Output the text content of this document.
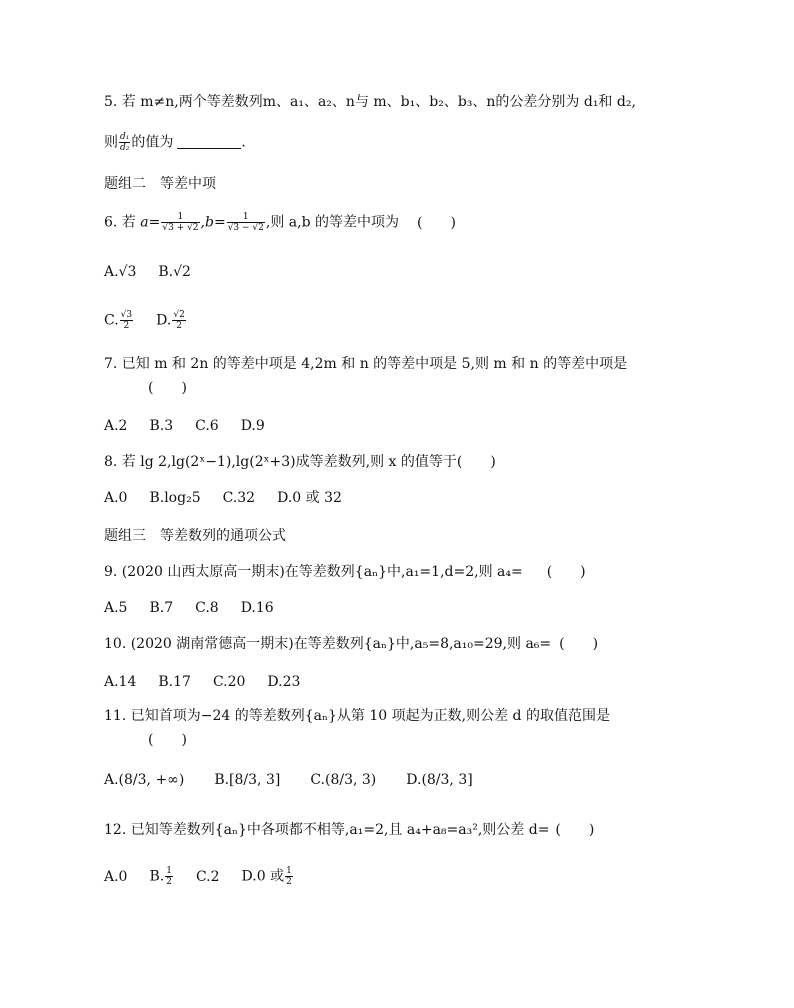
5. 若 m≠n,两个等差数列m、a₁、a₂、n与 m、b₁、b₂、b₃、n的公差分别为 d₁和 d₂,
则 $\frac{\text{d₁}}{\text{d₂}}$ 的值为	.
题组二　等差中项
6. 若 $a= \frac{1}{√3 + √2} ,b= \frac{1}{√3 - √2}$ ,则 a,b 的等差中项为 (　　)
A.√3 B.√2
C. $\frac{√3}{2} D$. $\frac{√2}{2}$
7. 已知 m 和 2n 的等差中项是 4,2m 和 n 的等差中项是 5,则 m 和 n 的等差中项是
(　　)
A.2 B.3 C.6 D.9
8. 若 lg 2,lg(2ˣ−1),lg(2ˣ+3)成等差数列,则 x 的值等于(　　)
A.0 B.log₂5 C.32 D.0 或 32
题组三　等差数列的通项公式
9. (2020 山西太原高一期末)在等差数列{aₙ}中,a₁=1,d=2,则 a₄= (　　)
A.5 B.7 C.8 D.16
10. (2020 湖南常德高一期末)在等差数列{aₙ}中,a₅=8,a₁₀=29,则 a₆= (　　)
A.14 B.17 C.20 D.23
11. 已知首项为−24 的等差数列{aₙ}从第 10 项起为正数,则公差 d 的取值范围是
(　　)
A.(8/3, +∞) B.[8/3, 3] C.(8/3, 3) D.(8/3, 3]
12. 已知等差数列{aₙ}中各项都不相等,a₁=2,且 a₄+a₈=a₃²,则公差 d= (　　)
A.0 B. $\frac{1}{2} C.2$ D.0 或 $\frac{1}{2}$
